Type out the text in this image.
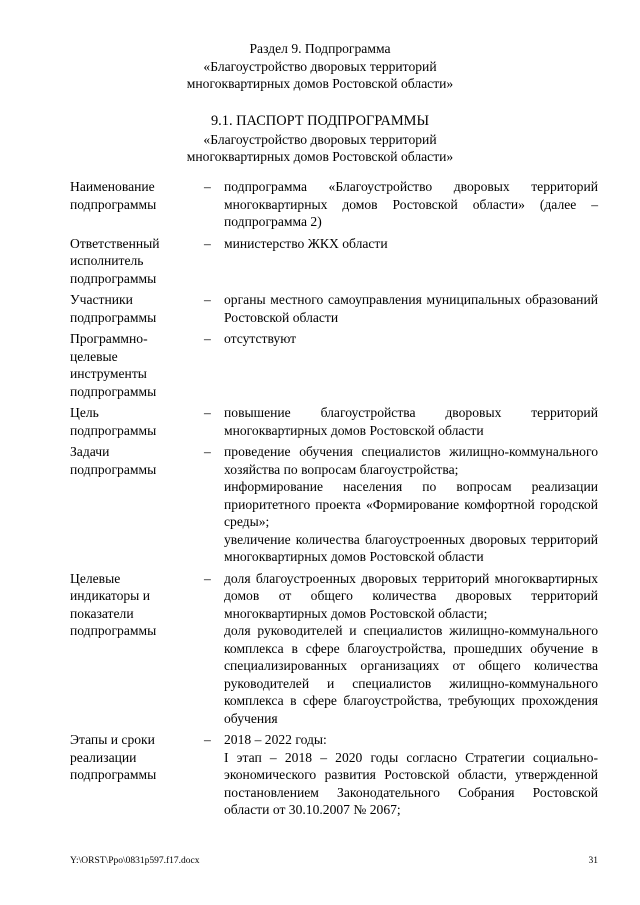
Раздел 9. Подпрограмма
«Благоустройство дворовых территорий
многоквартирных домов Ростовской области»
9.1. ПАСПОРТ ПОДПРОГРАММЫ
«Благоустройство дворовых территорий
многоквартирных домов Ростовской области»
Наименование
подпрограммы
– подпрограмма «Благоустройство дворовых территорий многоквартирных домов Ростовской области» (далее – подпрограмма 2)
Ответственный
исполнитель
подпрограммы
– министерство ЖКХ области
Участники
подпрограммы
– органы местного самоуправления муниципальных образований Ростовской области
Программно-
целевые
инструменты
подпрограммы
– отсутствуют
Цель
подпрограммы
– повышение благоустройства дворовых территорий многоквартирных домов Ростовской области
Задачи
подпрограммы
– проведение обучения специалистов жилищно-коммунального хозяйства по вопросам благоустройства;
информирование населения по вопросам реализации приоритетного проекта «Формирование комфортной городской среды»;
увеличение количества благоустроенных дворовых территорий многоквартирных домов Ростовской области
Целевые
индикаторы и
показатели
подпрограммы
– доля благоустроенных дворовых территорий многоквартирных домов от общего количества дворовых территорий многоквартирных домов Ростовской области;
доля руководителей и специалистов жилищно-коммунального комплекса в сфере благоустройства, прошедших обучение в специализированных организациях от общего количества руководителей и специалистов жилищно-коммунального комплекса в сфере благоустройства, требующих прохождения обучения
Этапы и сроки
реализации
подпрограммы
– 2018 – 2022 годы:
I этап – 2018 – 2020 годы согласно Стратегии социально-экономического развития Ростовской области, утвержденной постановлением Законодательного Собрания Ростовской области от 30.10.2007 № 2067;
Y:\ORST\Ppo\0831p597.f17.docx	31
